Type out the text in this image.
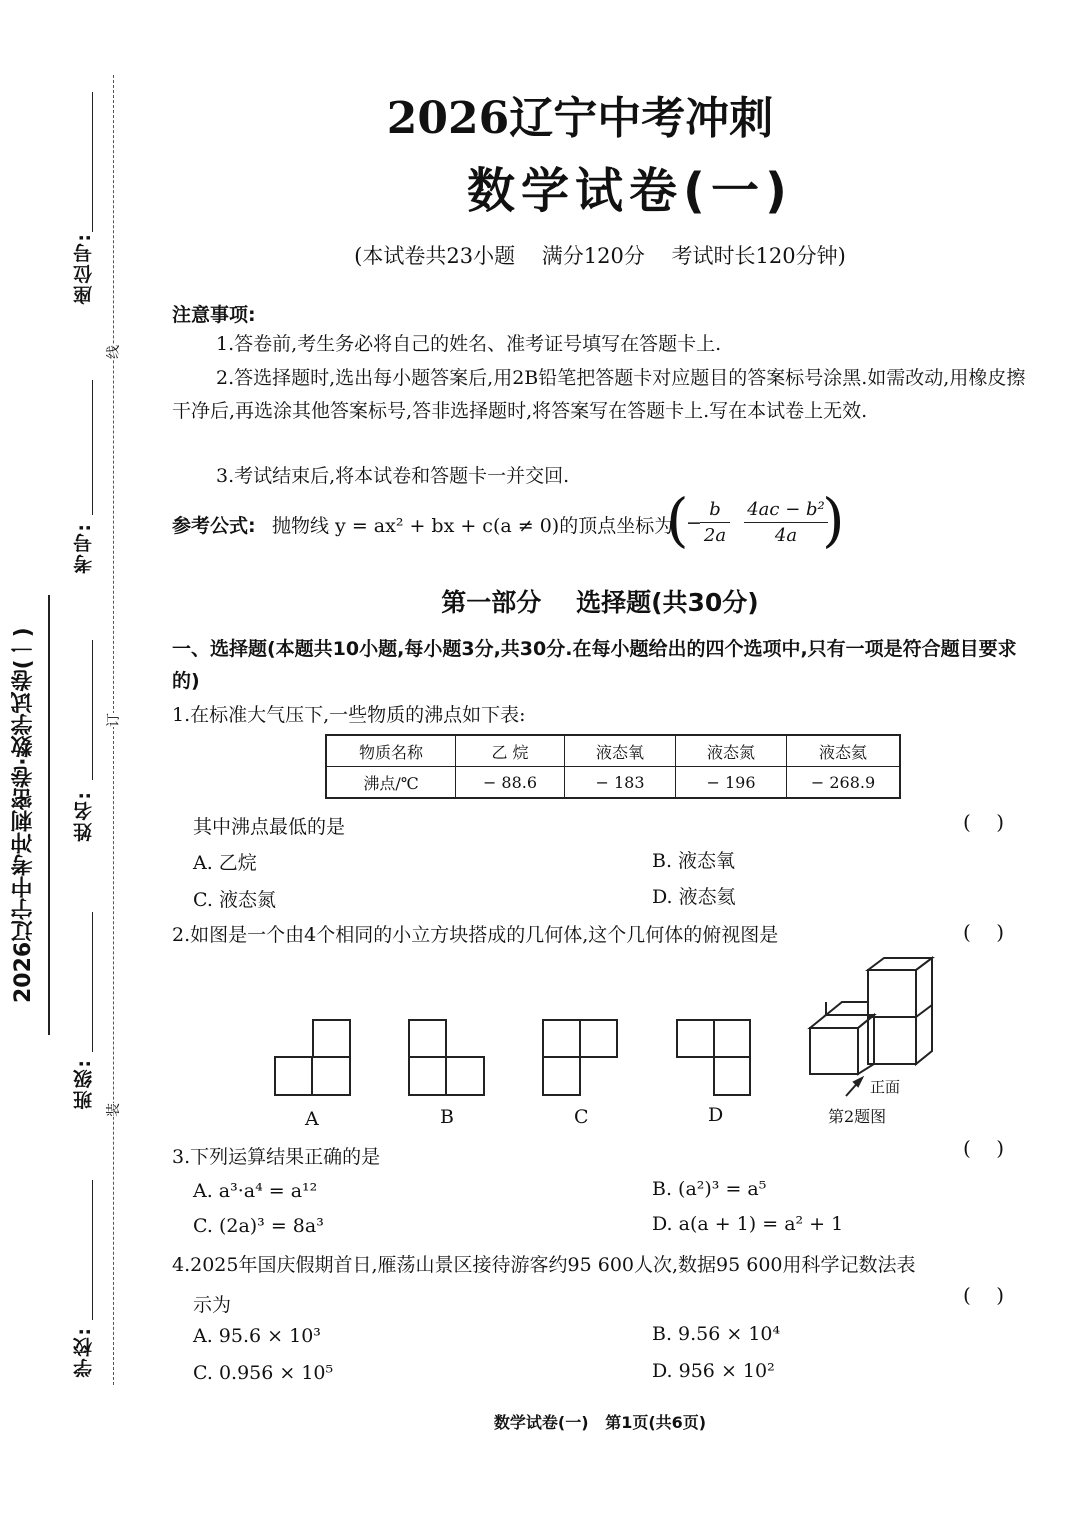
座位号:
考号:
姓名:
班级:
学校:
线
订
装
2026辽宁中考冲刺密卷·数学试卷(一)
2026辽宁中考冲刺
数学试卷(一)
(本试卷共23小题    满分120分    考试时长120分钟)
注意事项:
1.答卷前,考生务必将自己的姓名、准考证号填写在答题卡上.
2.答选择题时,选出每小题答案后,用2B铅笔把答题卡对应题目的答案标号涂黑.如需改动,用橡皮擦干净后,再选涂其他答案标号,答非选择题时,将答案写在答题卡上.写在本试卷上无效.
3.考试结束后,将本试卷和答题卡一并交回.
参考公式: 抛物线 y = ax² + bx + c(a ≠ 0)的顶点坐标为
(
−
$\frac{b}{2a} \frac{\text{4ac − b²}}{4a}$
)
第一部分    选择题(共30分)
一、选择题(本题共10小题,每小题3分,共30分.在每小题给出的四个选项中,只有一项是符合题目要求的)
1.在标准大气压下,一些物质的沸点如下表:
物质名称	乙 烷	液态氧	液态氮	液态氦
沸点/℃	− 88.6	− 183	− 196	− 268.9
其中沸点最低的是	(    )
A. 乙烷	B. 液态氧
C. 液态氮	D. 液态氦
2.如图是一个由4个相同的小立方块搭成的几何体,这个几何体的俯视图是	(    )
A	B	C	D
正面
第2题图
3.下列运算结果正确的是	(    )
A. a³·a⁴ = a¹²	B. (a²)³ = a⁵
C. (2a)³ = 8a³	D. a(a + 1) = a² + 1
4.2025年国庆假期首日,雁荡山景区接待游客约95 600人次,数据95 600用科学记数法表
示为	(    )
A. 95.6 × 10³	B. 9.56 × 10⁴
C. 0.956 × 10⁵	D. 956 × 10²
数学试卷(一)   第1页(共6页)
